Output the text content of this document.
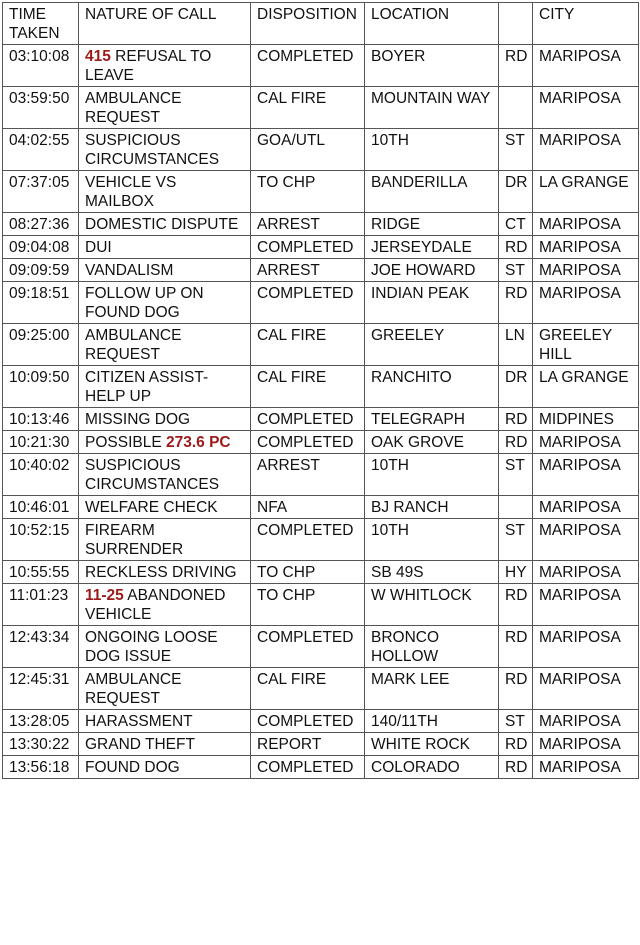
TIME TAKEN	NATURE OF CALL	DISPOSITION	LOCATION		CITY
03:10:08	415 REFUSAL TO LEAVE	COMPLETED	BOYER	RD	MARIPOSA
03:59:50	AMBULANCE REQUEST	CAL FIRE	MOUNTAIN WAY		MARIPOSA
04:02:55	SUSPICIOUS CIRCUMSTANCES	GOA/UTL	10TH	ST	MARIPOSA
07:37:05	VEHICLE VS MAILBOX	TO CHP	BANDERILLA	DR	LA GRANGE
08:27:36	DOMESTIC DISPUTE	ARREST	RIDGE	CT	MARIPOSA
09:04:08	DUI	COMPLETED	JERSEYDALE	RD	MARIPOSA
09:09:59	VANDALISM	ARREST	JOE HOWARD	ST	MARIPOSA
09:18:51	FOLLOW UP ON FOUND DOG	COMPLETED	INDIAN PEAK	RD	MARIPOSA
09:25:00	AMBULANCE REQUEST	CAL FIRE	GREELEY	LN	GREELEY HILL
10:09:50	CITIZEN ASSIST-HELP UP	CAL FIRE	RANCHITO	DR	LA GRANGE
10:13:46	MISSING DOG	COMPLETED	TELEGRAPH	RD	MIDPINES
10:21:30	POSSIBLE 273.6 PC	COMPLETED	OAK GROVE	RD	MARIPOSA
10:40:02	SUSPICIOUS CIRCUMSTANCES	ARREST	10TH	ST	MARIPOSA
10:46:01	WELFARE CHECK	NFA	BJ RANCH		MARIPOSA
10:52:15	FIREARM SURRENDER	COMPLETED	10TH	ST	MARIPOSA
10:55:55	RECKLESS DRIVING	TO CHP	SB 49S	HY	MARIPOSA
11:01:23	11-25 ABANDONED VEHICLE	TO CHP	W WHITLOCK	RD	MARIPOSA
12:43:34	ONGOING LOOSE DOG ISSUE	COMPLETED	BRONCO HOLLOW	RD	MARIPOSA
12:45:31	AMBULANCE REQUEST	CAL FIRE	MARK LEE	RD	MARIPOSA
13:28:05	HARASSMENT	COMPLETED	140/11TH	ST	MARIPOSA
13:30:22	GRAND THEFT	REPORT	WHITE ROCK	RD	MARIPOSA
13:56:18	FOUND DOG	COMPLETED	COLORADO	RD	MARIPOSA
